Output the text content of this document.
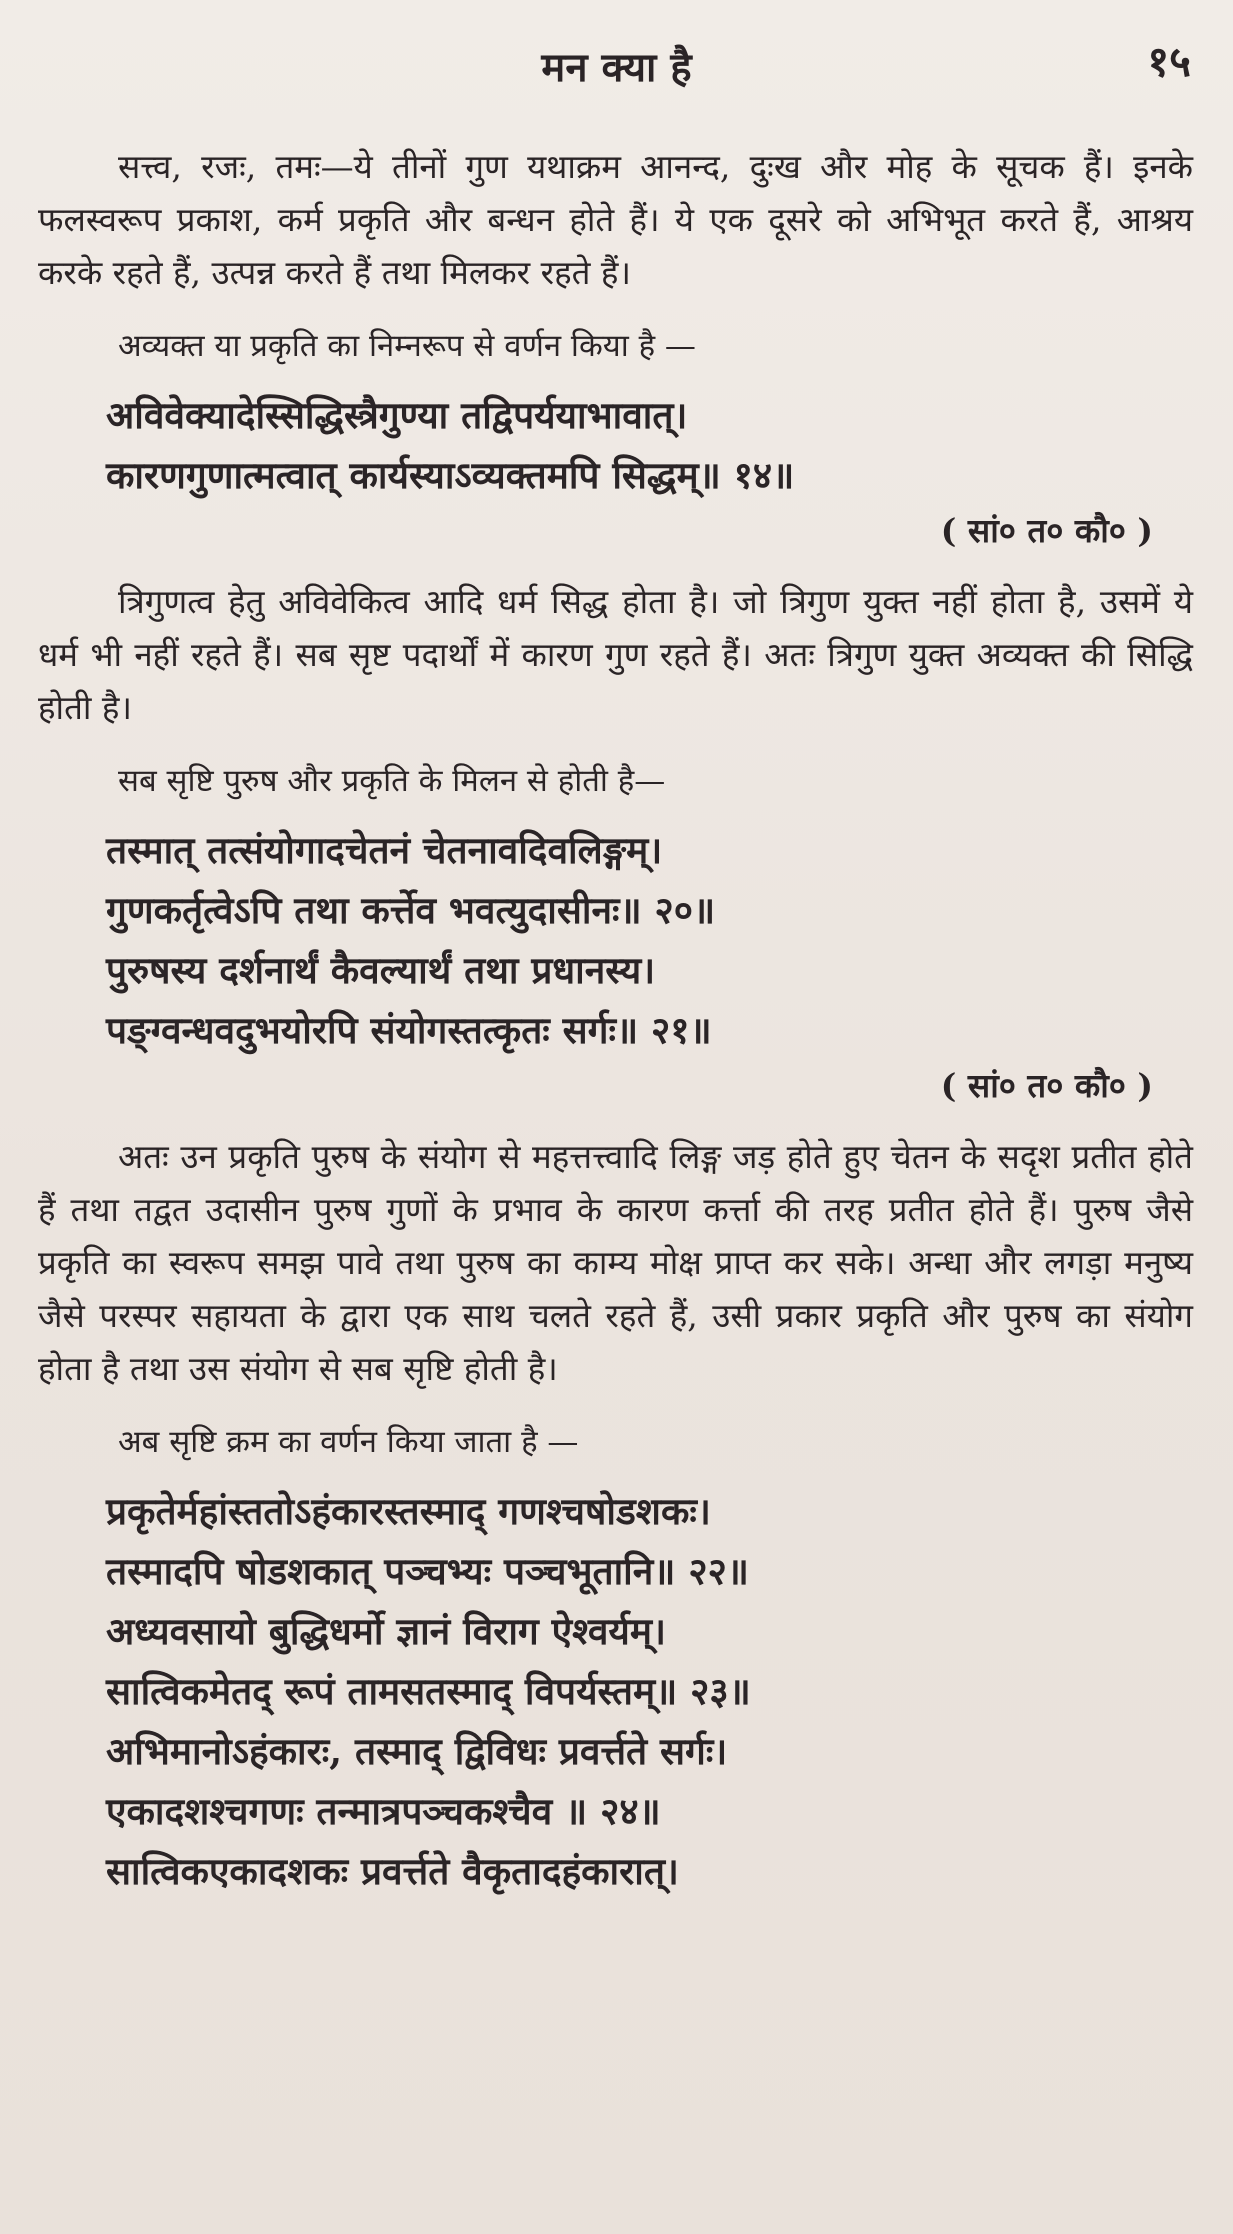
मन क्या है	१५

सत्त्व, रजः, तमः—ये तीनों गुण यथाक्रम आनन्द, दुःख और मोह के सूचक हैं। इनके फलस्वरूप प्रकाश, कर्म प्रकृति और बन्धन होते हैं। ये एक दूसरे को अभिभूत करते हैं, आश्रय करके रहते हैं, उत्पन्न करते हैं तथा मिलकर रहते हैं।

अव्यक्त या प्रकृति का निम्नरूप से वर्णन किया है —
अविवेक्यादेस्सिद्धिस्त्रैगुण्या तद्विपर्ययाभावात्।
कारणगुणात्मत्वात् कार्यस्याऽव्यक्तमपि सिद्धम्॥ १४॥
( सां० त० कौ० )

त्रिगुणत्व हेतु अविवेकित्व आदि धर्म सिद्ध होता है। जो त्रिगुण युक्त नहीं होता है, उसमें ये धर्म भी नहीं रहते हैं। सब सृष्ट पदार्थों में कारण गुण रहते हैं। अतः त्रिगुण युक्त अव्यक्त की सिद्धि होती है।

सब सृष्टि पुरुष और प्रकृति के मिलन से होती है—
तस्मात् तत्संयोगादचेतनं चेतनावदिवलिङ्गम्।
गुणकर्तृत्वेऽपि तथा कर्त्तेव भवत्युदासीनः॥ २०॥
पुरुषस्य दर्शनार्थं कैवल्यार्थं तथा प्रधानस्य।
पङ्ग्वन्धवदुभयोरपि संयोगस्तत्कृतः सर्गः॥ २१॥
( सां० त० कौ० )

अतः उन प्रकृति पुरुष के संयोग से महत्तत्त्वादि लिङ्ग जड़ होते हुए चेतन के सदृश प्रतीत होते हैं तथा तद्वत उदासीन पुरुष गुणों के प्रभाव के कारण कर्त्ता की तरह प्रतीत होते हैं। पुरुष जैसे प्रकृति का स्वरूप समझ पावे तथा पुरुष का काम्य मोक्ष प्राप्त कर सके। अन्धा और लगड़ा मनुष्य जैसे परस्पर सहायता के द्वारा एक साथ चलते रहते हैं, उसी प्रकार प्रकृति और पुरुष का संयोग होता है तथा उस संयोग से सब सृष्टि होती है।

अब सृष्टि क्रम का वर्णन किया जाता है —
प्रकृतेर्महांस्ततोऽहंकारस्तस्माद् गणश्चषोडशकः।
तस्मादपि षोडशकात् पञ्चभ्यः पञ्चभूतानि॥ २२॥
अध्यवसायो बुद्धिधर्मो ज्ञानं विराग ऐश्वर्यम्।
सात्विकमेतद् रूपं तामसतस्माद् विपर्यस्तम्॥ २३॥
अभिमानोऽहंकारः, तस्माद् द्विविधः प्रवर्त्तते सर्गः।
एकादशश्चगणः तन्मात्रपञ्चकश्चैव ॥ २४॥
सात्विकएकादशकः प्रवर्त्तते वैकृतादहंकारात्।
